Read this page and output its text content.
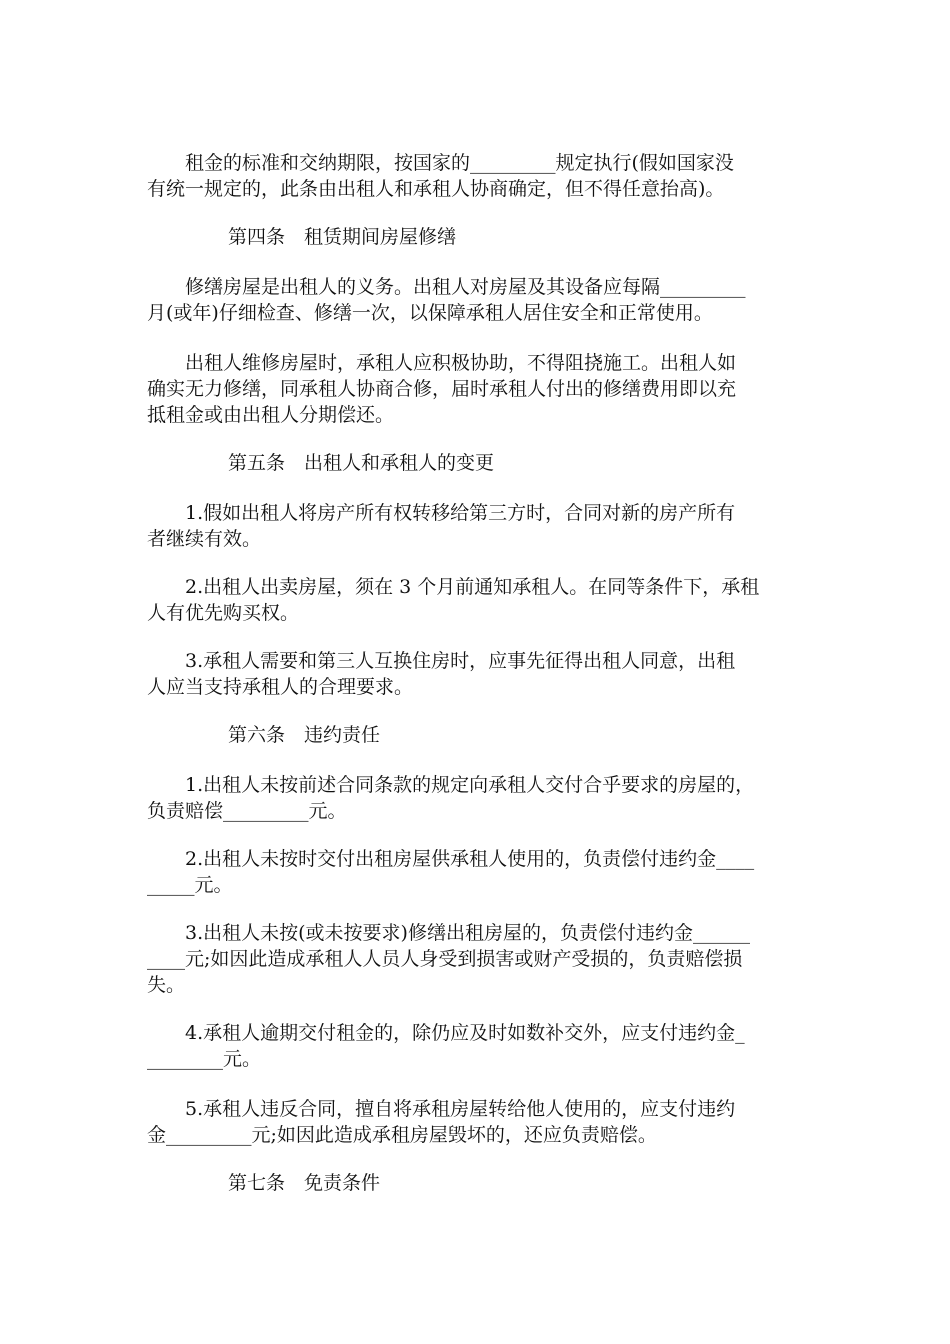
　　租金的标准和交纳期限，按国家的_________规定执行(假如国家没

有统一规定的，此条由出租人和承租人协商确定，但不得任意抬高)。

第四条　租赁期间房屋修缮

　　修缮房屋是出租人的义务。出租人对房屋及其设备应每隔_________

月(或年)仔细检查、修缮一次，以保障承租人居住安全和正常使用。

　　出租人维修房屋时，承租人应积极协助，不得阻挠施工。出租人如

确实无力修缮，同承租人协商合修，届时承租人付出的修缮费用即以充

抵租金或由出租人分期偿还。

第五条　出租人和承租人的变更

　　1.假如出租人将房产所有权转移给第三方时，合同对新的房产所有

者继续有效。

　　2.出租人出卖房屋，须在 3 个月前通知承租人。在同等条件下，承租

人有优先购买权。

　　3.承租人需要和第三人互换住房时，应事先征得出租人同意，出租

人应当支持承租人的合理要求。

第六条　违约责任

　　1.出租人未按前述合同条款的规定向承租人交付合乎要求的房屋的，

负责赔偿_________元。

　　2.出租人未按时交付出租房屋供承租人使用的，负责偿付违约金____

_____元。

　　3.出租人未按(或未按要求)修缮出租房屋的，负责偿付违约金______

____元;如因此造成承租人人员人身受到损害或财产受损的，负责赔偿损

失。

　　4.承租人逾期交付租金的，除仍应及时如数补交外，应支付违约金_

________元。

　　5.承租人违反合同，擅自将承租房屋转给他人使用的，应支付违约

金_________元;如因此造成承租房屋毁坏的，还应负责赔偿。

第七条　免责条件
